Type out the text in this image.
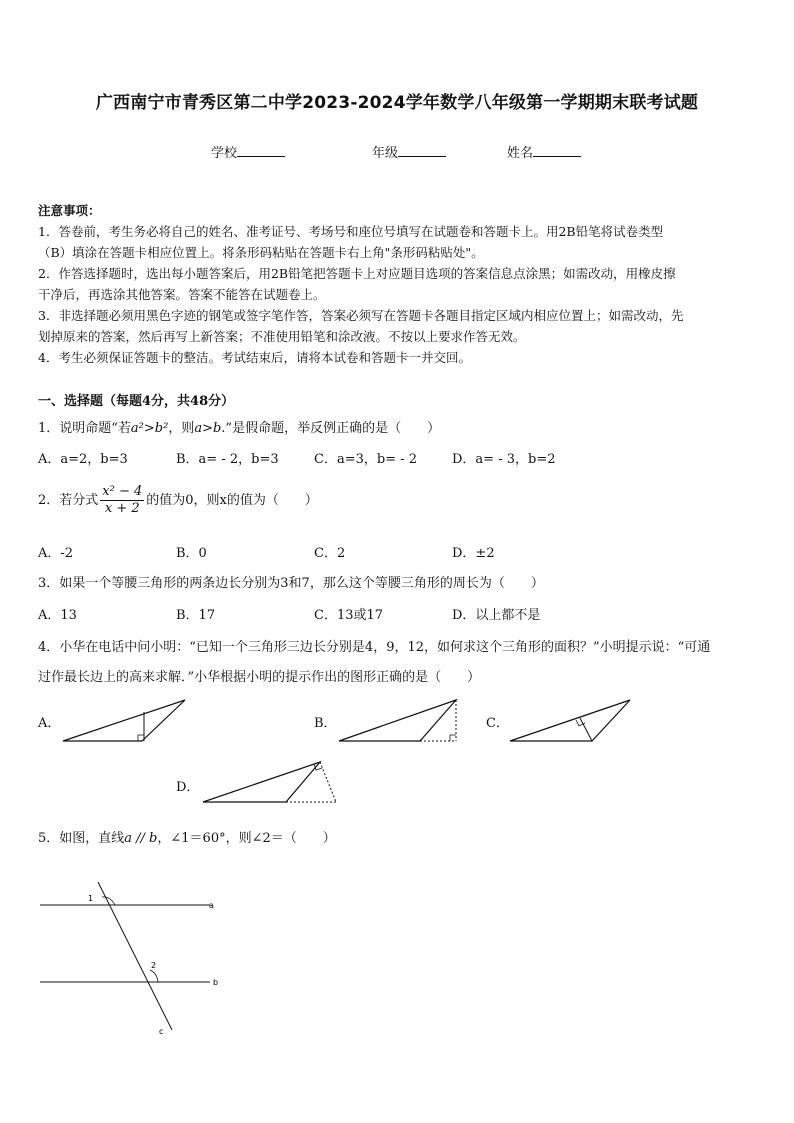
广西南宁市青秀区第二中学2023-2024学年数学八年级第一学期期末联考试题
学校	年级	姓名
注意事项：
1．答卷前，考生务必将自己的姓名、准考证号、考场号和座位号填写在试题卷和答题卡上。用2B铅笔将试卷类型
（B）填涂在答题卡相应位置上。将条形码粘贴在答题卡右上角"条形码粘贴处"。
2．作答选择题时，选出每小题答案后，用2B铅笔把答题卡上对应题目选项的答案信息点涂黑；如需改动，用橡皮擦
干净后，再选涂其他答案。答案不能答在试题卷上。
3．非选择题必须用黑色字迹的钢笔或签字笔作答，答案必须写在答题卡各题目指定区域内相应位置上；如需改动，先
划掉原来的答案，然后再写上新答案；不准使用铅笔和涂改液。不按以上要求作答无效。
4．考生必须保证答题卡的整洁。考试结束后，请将本试卷和答题卡一并交回。
一、选择题（每题4分，共48分）
1．说明命题“若a²>b²，则a>b.”是假命题，举反例正确的是（　　）
A．a=2，b=3	B．a= - 2，b=3	C．a=3，b= - 2	D．a= - 3，b=2
2．若分式 $\frac{\text{x² − 4}}{x + 2}$ 的值为0，则x的值为（　　）
A．-2	B．0	C．2	D．±2
3．如果一个等腰三角形的两条边长分别为3和7，那么这个等腰三角形的周长为（　　）
A．13	B．17	C．13或17	D．以上都不是
4．小华在电话中问小明：“已知一个三角形三边长分别是4，9，12，如何求这个三角形的面积？”小明提示说：“可通
过作最长边上的高来求解．”小华根据小明的提示作出的图形正确的是（　　）
A．	B．	C．
D．
5．如图，直线a // b，∠1＝60°，则∠2＝（　　）
1
2
a
b
c
